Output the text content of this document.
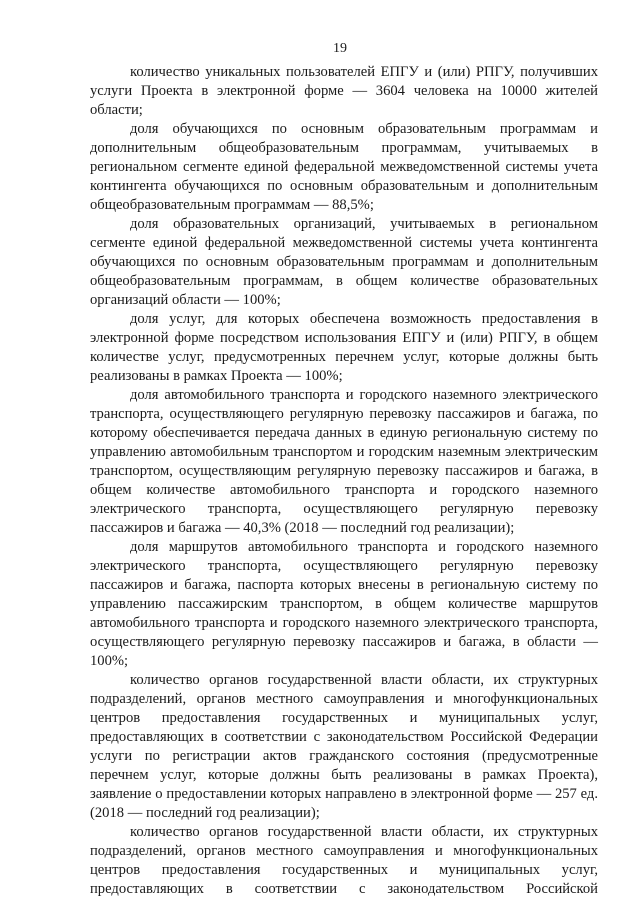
19

количество уникальных пользователей ЕПГУ и (или) РПГУ, получивших услуги Проекта в электронной форме — 3604 человека на 10000 жителей области;

доля обучающихся по основным образовательным программам и дополнительным общеобразовательным программам, учитываемых в региональном сегменте единой федеральной межведомственной системы учета контингента обучающихся по основным образовательным и дополнительным общеобразовательным программам — 88,5%;

доля образовательных организаций, учитываемых в региональном сегменте единой федеральной межведомственной системы учета контингента обучающихся по основным образовательным программам и дополнительным общеобразовательным программам, в общем количестве образовательных организаций области — 100%;

доля услуг, для которых обеспечена возможность предоставления в электронной форме посредством использования ЕПГУ и (или) РПГУ, в общем количестве услуг, предусмотренных перечнем услуг, которые должны быть реализованы в рамках Проекта — 100%;

доля автомобильного транспорта и городского наземного электрического транспорта, осуществляющего регулярную перевозку пассажиров и багажа, по которому обеспечивается передача данных в единую региональную систему по управлению автомобильным транспортом и городским наземным электрическим транспортом, осуществляющим регулярную перевозку пассажиров и багажа, в общем количестве автомобильного транспорта и городского наземного электрического транспорта, осуществляющего регулярную перевозку пассажиров и багажа — 40,3% (2018 — последний год реализации);

доля маршрутов автомобильного транспорта и городского наземного электрического транспорта, осуществляющего регулярную перевозку пассажиров и багажа, паспорта которых внесены в региональную систему по управлению пассажирским транспортом, в общем количестве маршрутов автомобильного транспорта и городского наземного электрического транспорта, осуществляющего регулярную перевозку пассажиров и багажа, в области — 100%;

количество органов государственной власти области, их структурных подразделений, органов местного самоуправления и многофункциональных центров предоставления государственных и муниципальных услуг, предоставляющих в соответствии с законодательством Российской Федерации услуги по регистрации актов гражданского состояния (предусмотренные перечнем услуг, которые должны быть реализованы в рамках Проекта), заявление о предоставлении которых направлено в электронной форме — 257 ед. (2018 — последний год реализации);

количество органов государственной власти области, их структурных подразделений, органов местного самоуправления и многофункциональных центров предоставления государственных и муниципальных услуг, предоставляющих в соответствии с законодательством Российской
